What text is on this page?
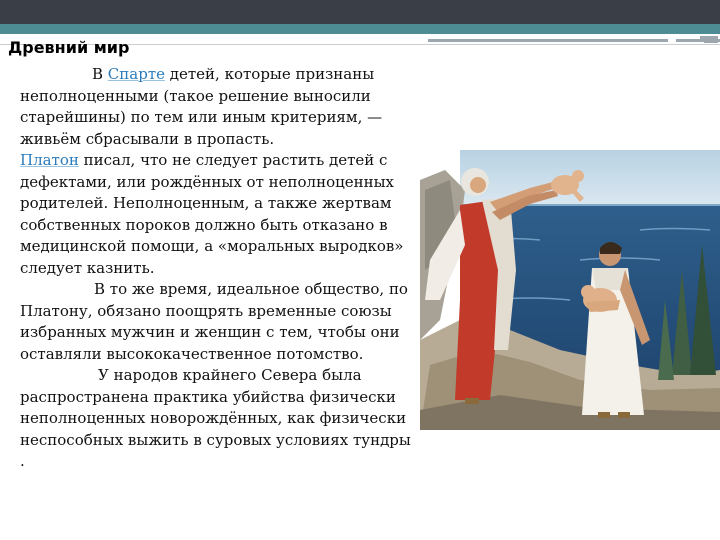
Древний мир

В Спарте детей, которые признаны неполноценными (такое решение выносили старейшины) по тем или иным критериям, — живьём сбрасывали в пропасть.

Платон писал, что не следует растить детей с дефектами, или рождённых от неполноценных родителей. Неполноценным, а также жертвам собственных пороков должно быть отказано в медицинской помощи, а «моральных выродков» следует казнить.

В то же время, идеальное общество, по Платону, обязано поощрять временные союзы избранных мужчин и женщин с тем, чтобы они оставляли высококачественное потомство.

У народов крайнего Севера была распространена практика убийства физически неполноценных новорождённых, как физически неспособных выжить в суровых условиях тундры .
